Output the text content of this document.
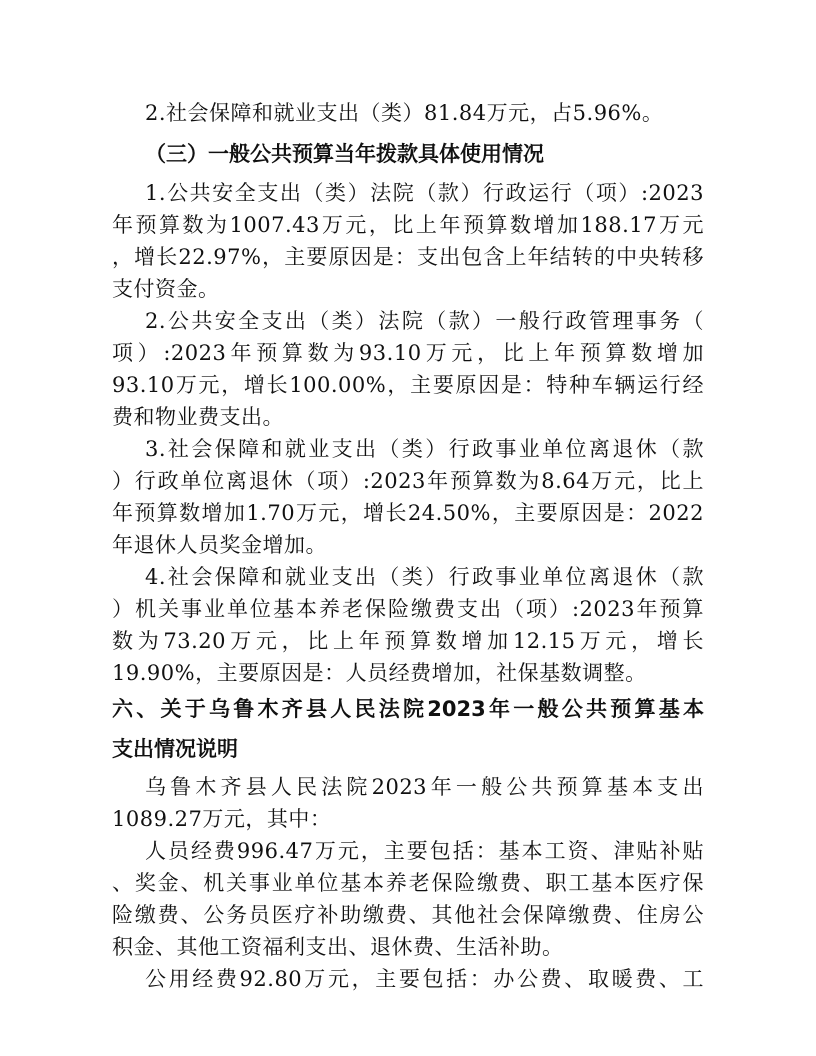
2.社会保障和就业支出（类）81.84万元，占5.96%。
（三）一般公共预算当年拨款具体使用情况
1.公共安全支出（类）法院（款）行政运行（项）:2023
年预算数为1007.43万元，比上年预算数增加188.17万元
，增长22.97%，主要原因是：支出包含上年结转的中央转移
支付资金。
2.公共安全支出（类）法院（款）一般行政管理事务（
项）:2023年预算数为93.10万元，比上年预算数增加
93.10万元，增长100.00%，主要原因是：特种车辆运行经
费和物业费支出。
3.社会保障和就业支出（类）行政事业单位离退休（款
）行政单位离退休（项）:2023年预算数为8.64万元，比上
年预算数增加1.70万元，增长24.50%，主要原因是：2022
年退休人员奖金增加。
4.社会保障和就业支出（类）行政事业单位离退休（款
）机关事业单位基本养老保险缴费支出（项）:2023年预算
数为73.20万元，比上年预算数增加12.15万元，增长
19.90%，主要原因是：人员经费增加，社保基数调整。
六、关于乌鲁木齐县人民法院2023年一般公共预算基本
支出情况说明
乌鲁木齐县人民法院2023年一般公共预算基本支出
1089.27万元，其中：
人员经费996.47万元，主要包括：基本工资、津贴补贴
、奖金、机关事业单位基本养老保险缴费、职工基本医疗保
险缴费、公务员医疗补助缴费、其他社会保障缴费、住房公
积金、其他工资福利支出、退休费、生活补助。
公用经费92.80万元，主要包括：办公费、取暖费、工
